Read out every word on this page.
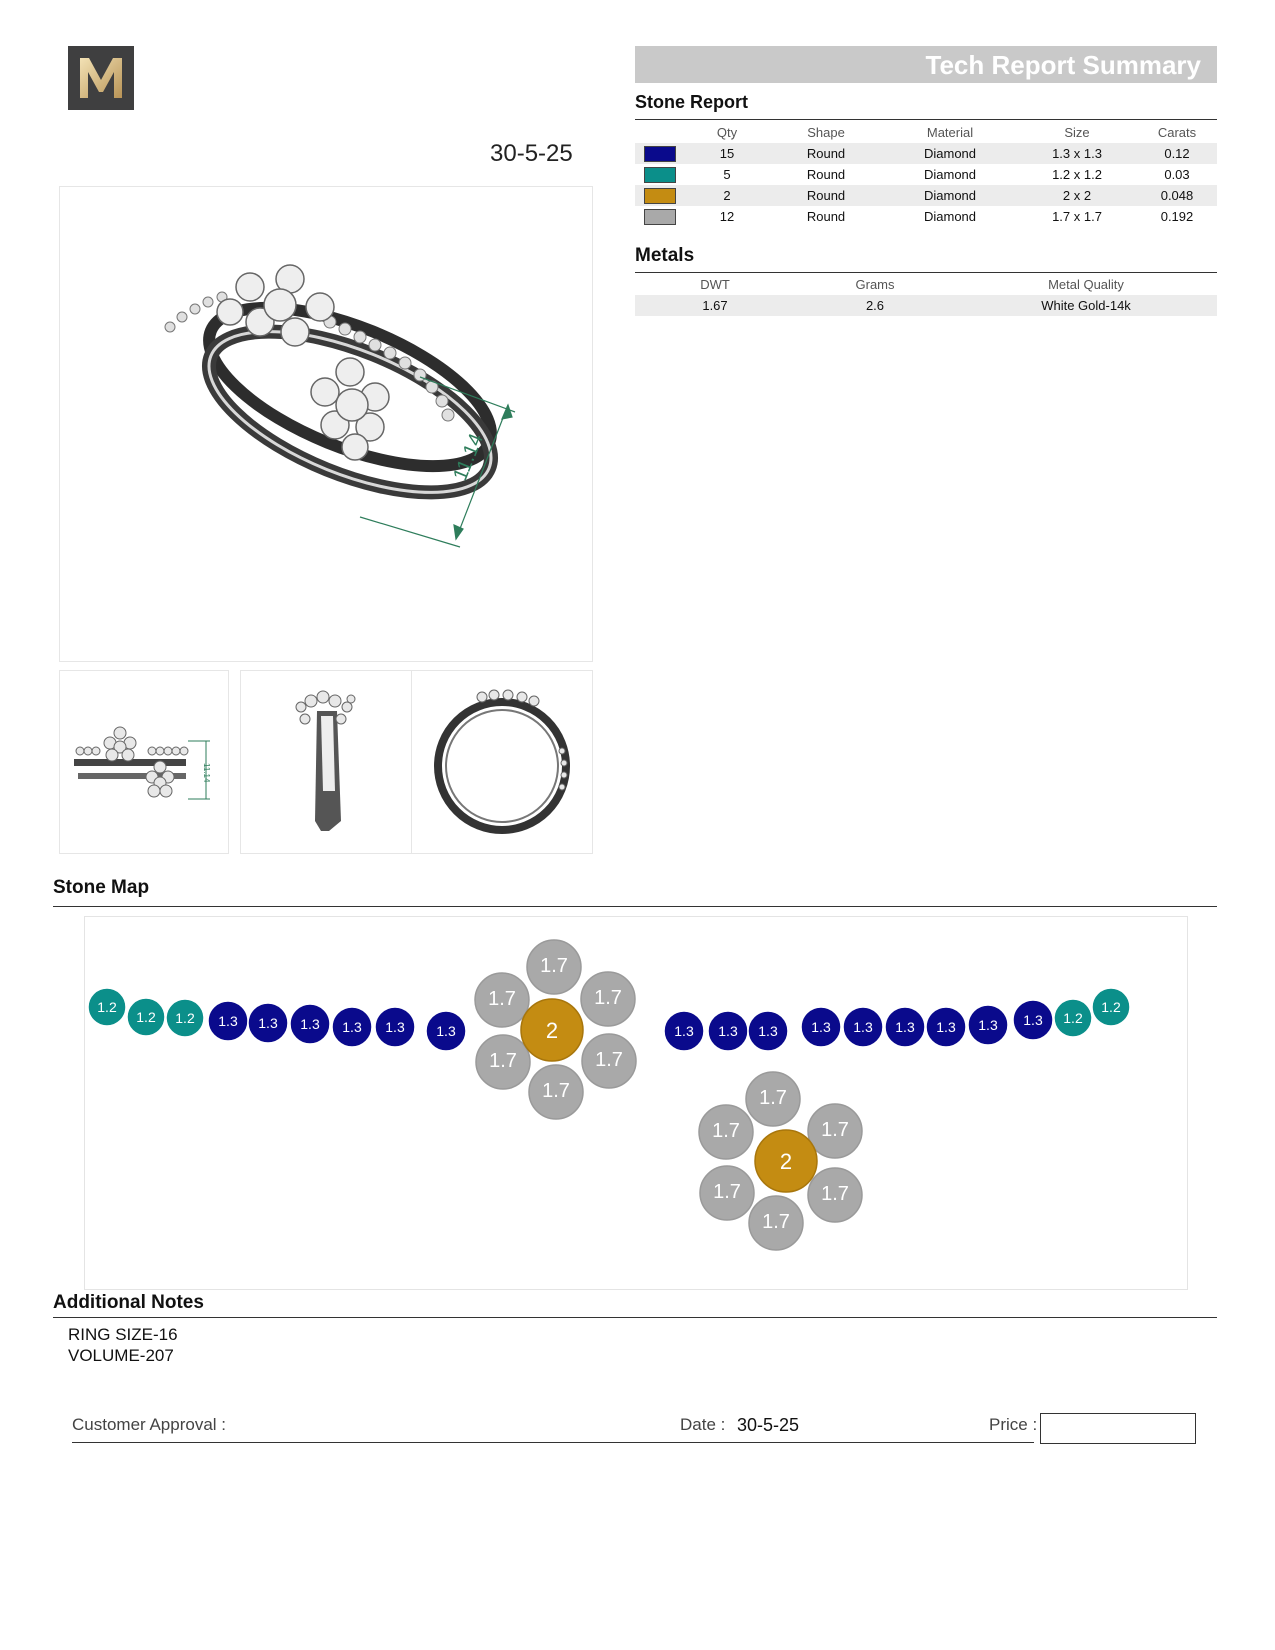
30-5-25
Tech Report Summary
Stone Report
	Qty	Shape	Material	Size	Carats
	15	Round	Diamond	1.3 x 1.3	0.12
	5	Round	Diamond	1.2 x 1.2	0.03
	2	Round	Diamond	2 x 2	0.048
	12	Round	Diamond	1.7 x 1.7	0.192
Metals
DWT	Grams	Metal Quality
1.67	2.6	White Gold-14k
11.14
11.14
Stone Map
1.2
1.2 1.2 1.3 1.3 1.3 1.3 1.3 1.3
1.7
1.7	1.7
1.7	1.7
1.7
2	1.3 1.3 1.3 1.3 1.3 1.3 1.3 1.3 1.3 1.2
1.2
1.7
1.7	1.7
1.7	1.7
1.7
2
Additional Notes
RING SIZE-16
VOLUME-207
Customer Approval :	Date : 30-5-25	Price :
